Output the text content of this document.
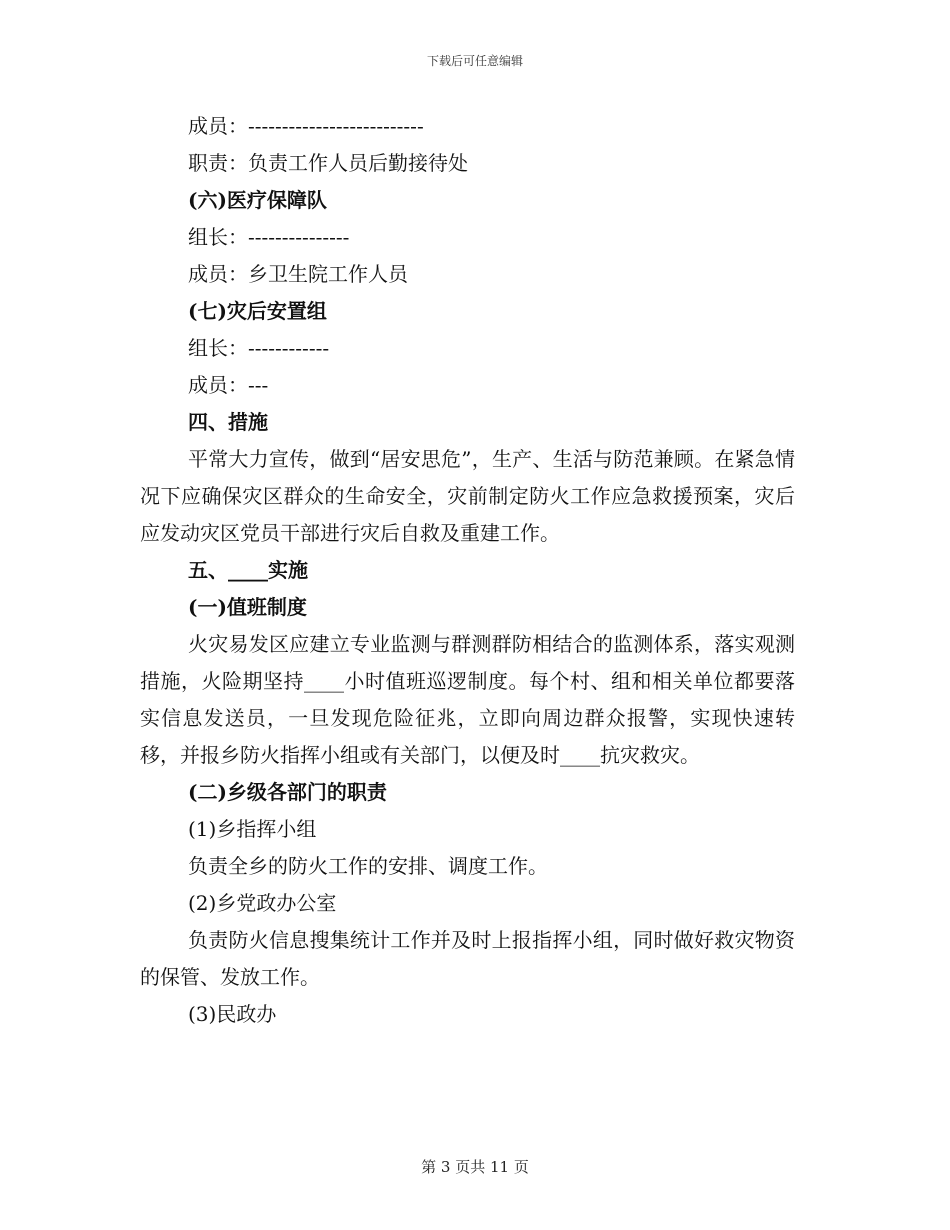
下载后可任意编辑
成员：--------------------------
职责：负责工作人员后勤接待处
(六)医疗保障队
组长：---------------
成员：乡卫生院工作人员
(七)灾后安置组
组长：------------
成员：---
四、措施

平常大力宣传，做到“居安思危”，生产、生活与防范兼顾。在紧急情况下应确保灾区群众的生命安全，灾前制定防火工作应急救援预案，灾后应发动灾区党员干部进行灾后自救及重建工作。

五、____实施
(一)值班制度

火灾易发区应建立专业监测与群测群防相结合的监测体系，落实观测措施，火险期坚持____小时值班巡逻制度。每个村、组和相关单位都要落实信息发送员，一旦发现危险征兆，立即向周边群众报警，实现快速转移，并报乡防火指挥小组或有关部门，以便及时____抗灾救灾。

(二)乡级各部门的职责
(1)乡指挥小组
负责全乡的防火工作的安排、调度工作。
(2)乡党政办公室

负责防火信息搜集统计工作并及时上报指挥小组，同时做好救灾物资的保管、发放工作。

(3)民政办
第 3 页共 11 页
